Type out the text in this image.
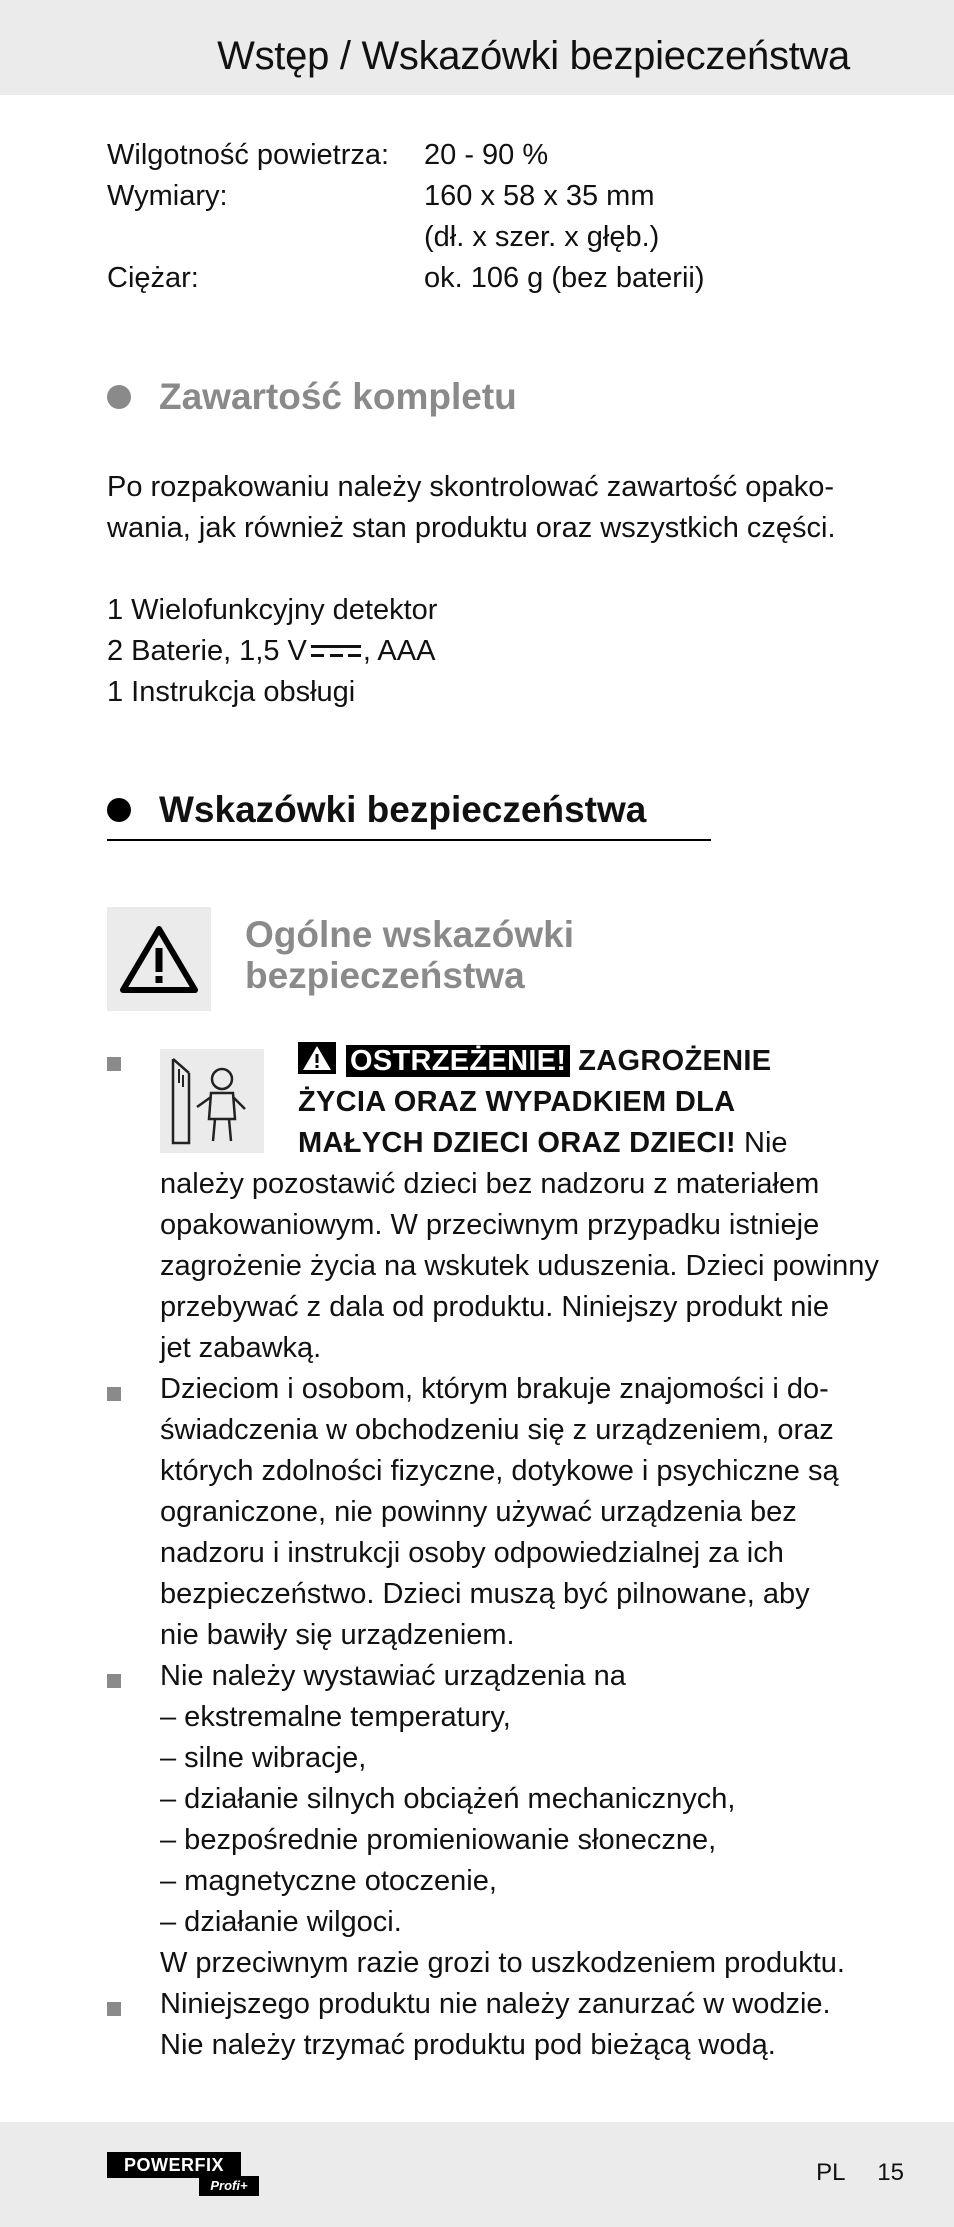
Wstęp / Wskazówki bezpieczeństwa
Wilgotność powietrza: 20 - 90 %
Wymiary:	160 x 58 x 35 mm
(dł. x szer. x głęb.)
Ciężar:	ok. 106 g (bez baterii)
Zawartość kompletu

Po rozpakowaniu należy skontrolować zawartość opako-
wania, jak również stan produktu oraz wszystkich części.

1 Wielofunkcyjny detektor
2 Baterie, 1,5 V , AAA
1 Instrukcja obsługi

Wskazówki bezpieczeństwa
Ogólne wskazówki
bezpieczeństwa
OSTRZEŻENIE! ZAGROŻENIE
ŻYCIA ORAZ WYPADKIEM DLA
MAŁYCH DZIECI ORAZ DZIECI! Nie

należy pozostawić dzieci bez nadzoru z materiałem
opakowaniowym. W przeciwnym przypadku istnieje
zagrożenie życia na wskutek uduszenia. Dzieci powinny
przebywać z dala od produktu. Niniejszy produkt nie
jet zabawką.

Dzieciom i osobom, którym brakuje znajomości i do-
świadczenia w obchodzeniu się z urządzeniem, oraz
których zdolności fizyczne, dotykowe i psychiczne są
ograniczone, nie powinny używać urządzenia bez
nadzoru i instrukcji osoby odpowiedzialnej za ich
bezpieczeństwo. Dzieci muszą być pilnowane, aby
nie bawiły się urządzeniem.

Nie należy wystawiać urządzenia na
– ekstremalne temperatury,
– silne wibracje,
– działanie silnych obciążeń mechanicznych,
– bezpośrednie promieniowanie słoneczne,
– magnetyczne otoczenie,
– działanie wilgoci.
W przeciwnym razie grozi to uszkodzeniem produktu.

Niniejszego produktu nie należy zanurzać w wodzie.
Nie należy trzymać produktu pod bieżącą wodą.

POWERFIX
Profi+	PL 15
